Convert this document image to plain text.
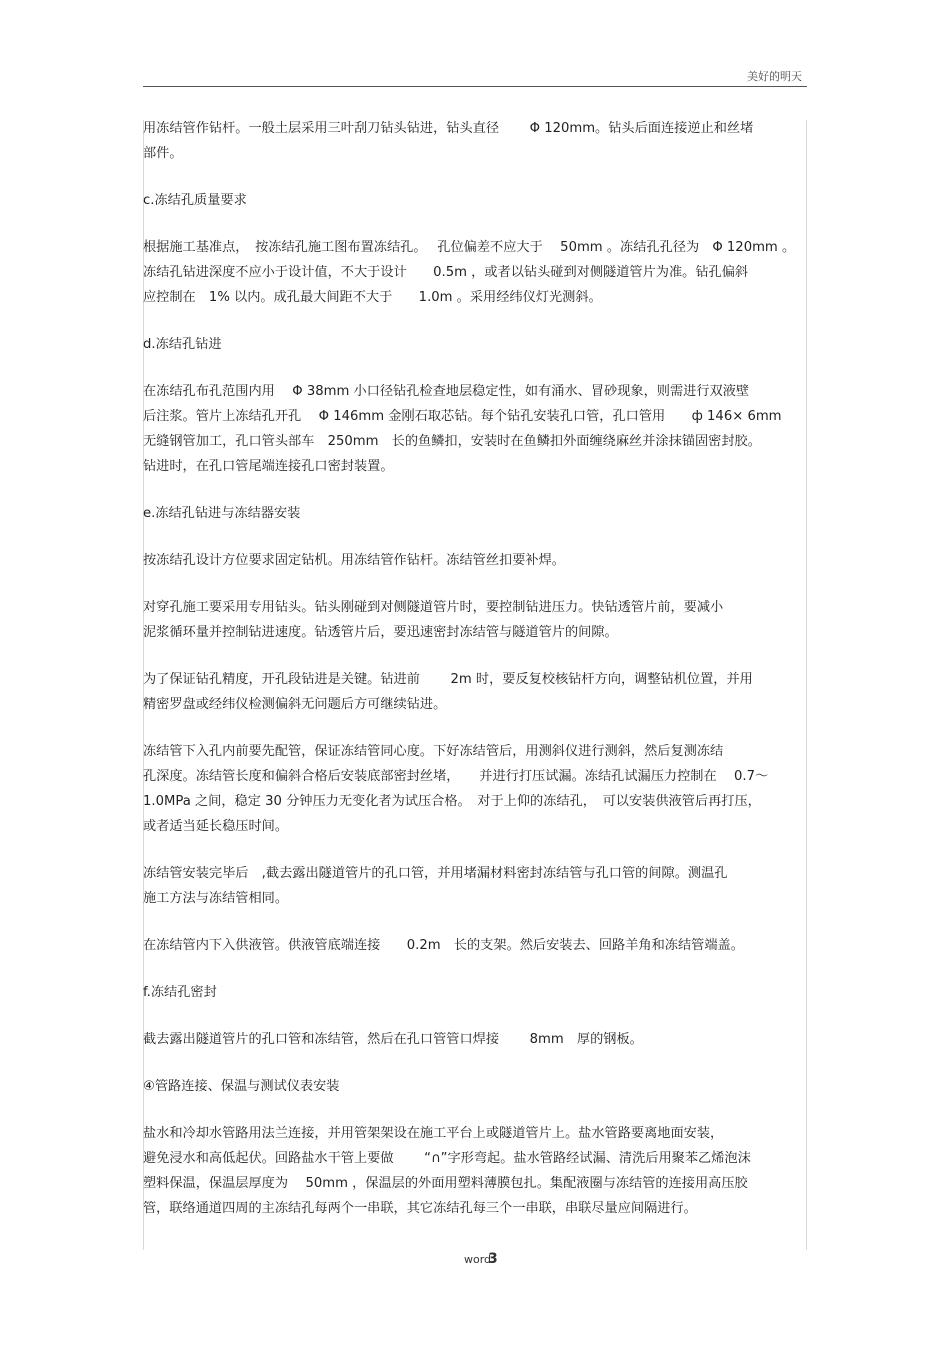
美好的明天

用冻结管作钻杆。一般土层采用三叶刮刀钻头钻进，钻头直径　　 Φ 120mm。钻头后面连接逆止和丝堵
部件。

c.冻结孔质量要求

根据施工基准点，　按冻结孔施工图布置冻结孔。　 孔位偏差不应大于　 50mm 。冻结孔孔径为　Φ 120mm 。
冻结孔钻进深度不应小于设计值，不大于设计　　0.5m ，或者以钻头碰到对侧隧道管片为准。钻孔偏斜
应控制在　1% 以内。成孔最大间距不大于　　1.0m 。采用经纬仪灯光测斜。

d.冻结孔钻进

在冻结孔布孔范围内用　 Φ 38mm 小口径钻孔检查地层稳定性，如有涌水、冒砂现象，则需进行双液壁
后注浆。管片上冻结孔开孔　 Φ 146mm 金刚石取芯钻。每个钻孔安装孔口管，孔口管用　　ф 146× 6mm
无缝钢管加工，孔口管头部车　250mm　长的鱼鳞扣，安装时在鱼鳞扣外面缠绕麻丝并涂抹锚固密封胶。
钻进时，在孔口管尾端连接孔口密封装置。

e.冻结孔钻进与冻结器安装

按冻结孔设计方位要求固定钻机。用冻结管作钻杆。冻结管丝扣要补焊。

对穿孔施工要采用专用钻头。钻头刚碰到对侧隧道管片时，要控制钻进压力。快钻透管片前，要减小
泥浆循环量并控制钻进速度。钻透管片后，要迅速密封冻结管与隧道管片的间隙。

为了保证钻孔精度，开孔段钻进是关键。钻进前　　 2m 时，要反复校核钻杆方向，调整钻机位置，并用
精密罗盘或经纬仪检测偏斜无问题后方可继续钻进。

冻结管下入孔内前要先配管，保证冻结管同心度。下好冻结管后，用测斜仪进行测斜，然后复测冻结
孔深度。冻结管长度和偏斜合格后安装底部密封丝堵，　　并进行打压试漏。冻结孔试漏压力控制在　 0.7～
1.0MPa 之间，稳定 30 分钟压力无变化者为试压合格。　对于上仰的冻结孔，　可以安装供液管后再打压，
或者适当延长稳压时间。

冻结管安装完毕后　,截去露出隧道管片的孔口管，并用堵漏材料密封冻结管与孔口管的间隙。测温孔
施工方法与冻结管相同。

在冻结管内下入供液管。供液管底端连接　　0.2m　长的支架。然后安装去、回路羊角和冻结管端盖。

f.冻结孔密封

截去露出隧道管片的孔口管和冻结管，然后在孔口管管口焊接　　 8mm　厚的钢板。

④管路连接、保温与测试仪表安装

盐水和冷却水管路用法兰连接，并用管架架设在施工平台上或隧道管片上。盐水管路要离地面安装，
避免浸水和高低起伏。回路盐水干管上要做　　 “∩”字形弯起。盐水管路经试漏、清洗后用聚苯乙烯泡沫
塑料保温，保温层厚度为　 50mm ，保温层的外面用塑料薄膜包扎。集配液圈与冻结管的连接用高压胶
管，联络通道四周的主冻结孔每两个一串联，其它冻结孔每三个一串联，串联尽量应间隔进行。

word3
